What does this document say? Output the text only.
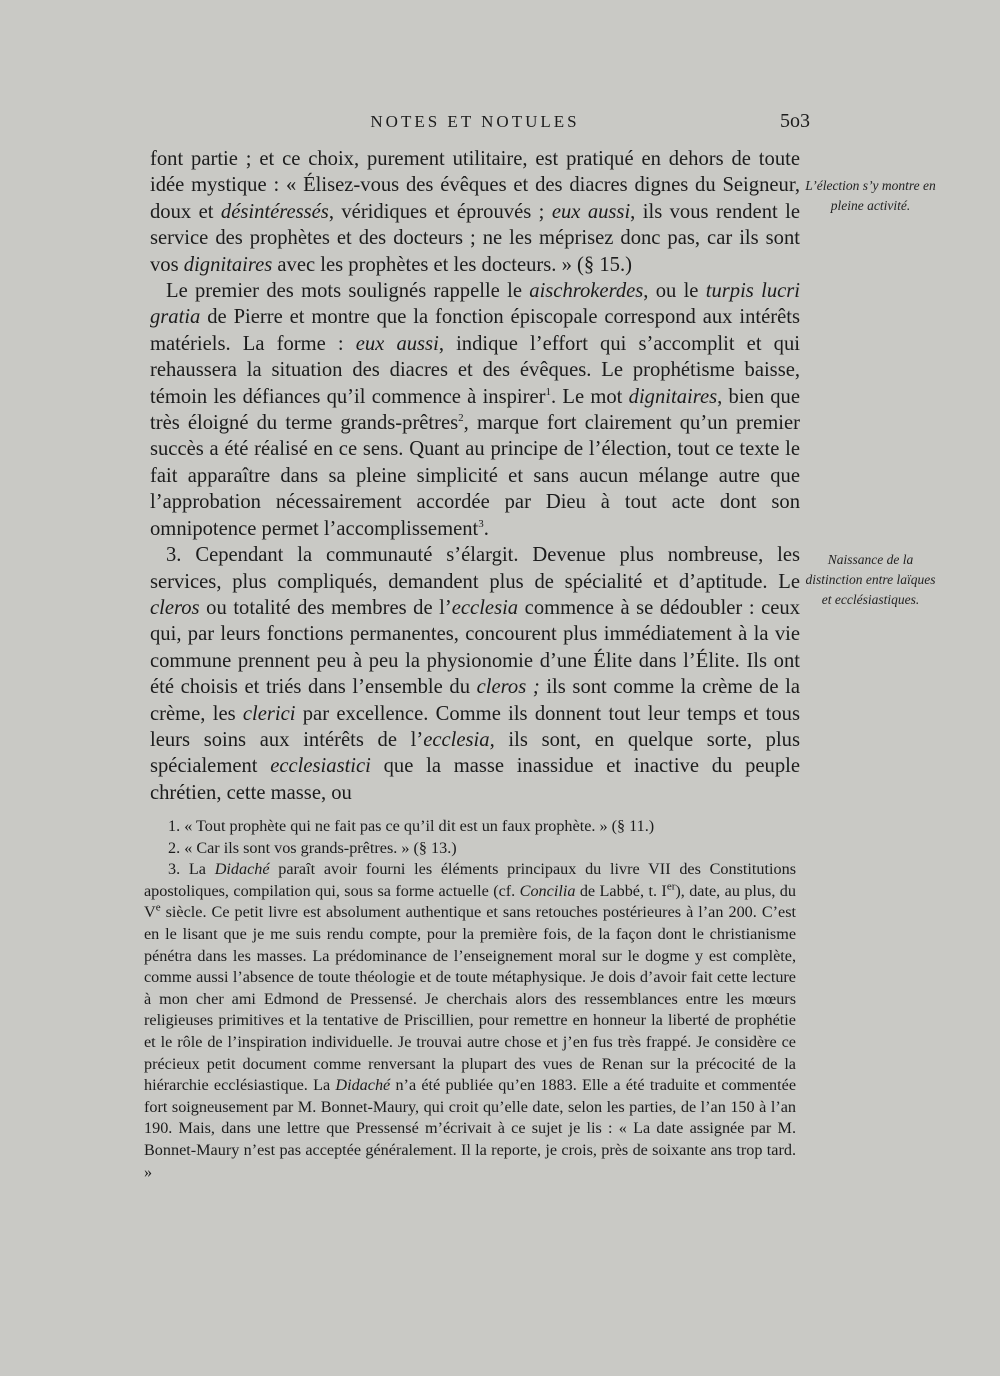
NOTES ET NOTULES	5o3
L’élection s’y montre en pleine activité.
Naissance de la distinction entre laïques et ecclésiastiques.

font partie ; et ce choix, purement utilitaire, est pratiqué en dehors de toute idée mystique : « Élisez-vous des évêques et des diacres dignes du Seigneur, doux et désintéressés, véridiques et éprouvés ; eux aussi, ils vous rendent le service des prophètes et des docteurs ; ne les méprisez donc pas, car ils sont vos dignitaires avec les prophètes et les docteurs. » (§ 15.)

Le premier des mots soulignés rappelle le aischrokerdes, ou le turpis lucri gratia de Pierre et montre que la fonction épiscopale correspond aux intérêts matériels. La forme : eux aussi, indique l’effort qui s’accomplit et qui rehaussera la situation des diacres et des évêques. Le prophétisme baisse, témoin les défiances qu’il commence à inspirer$^1$. Le mot dignitaires, bien que très éloigné du terme grands-prêtres$^2$, marque fort clairement qu’un premier succès a été réalisé en ce sens. Quant au principe de l’élection, tout ce texte le fait apparaître dans sa pleine simplicité et sans aucun mélange autre que l’approbation nécessairement accordée par Dieu à tout acte dont son omnipotence permet l’accomplissement$^3$.

3. Cependant la communauté s’élargit. Devenue plus nombreuse, les services, plus compliqués, demandent plus de spécialité et d’aptitude. Le cleros ou totalité des membres de l’ecclesia commence à se dédoubler : ceux qui, par leurs fonctions permanentes, concourent plus immédiatement à la vie commune prennent peu à peu la physionomie d’une Élite dans l’Élite. Ils ont été choisis et triés dans l’ensemble du cleros ; ils sont comme la crème de la crème, les clerici par excellence. Comme ils donnent tout leur temps et tous leurs soins aux intérêts de l’ecclesia, ils sont, en quelque sorte, plus spécialement ecclesiastici que la masse inassidue et inactive du peuple chrétien, cette masse, ou

1. « Tout prophète qui ne fait pas ce qu’il dit est un faux prophète. » (§ 11.)

2. « Car ils sont vos grands-prêtres. » (§ 13.)

3. La Didaché paraît avoir fourni les éléments principaux du livre VII des Constitutions apostoliques, compilation qui, sous sa forme actuelle (cf. Concilia de Labbé, t. Ier), date, au plus, du Ve siècle. Ce petit livre est absolument authentique et sans retouches postérieures à l’an 200. C’est en le lisant que je me suis rendu compte, pour la première fois, de la façon dont le christianisme pénétra dans les masses. La prédominance de l’enseignement moral sur le dogme y est complète, comme aussi l’absence de toute théologie et de toute métaphysique. Je dois d’avoir fait cette lecture à mon cher ami Edmond de Pressensé. Je cherchais alors des ressemblances entre les mœurs religieuses primitives et la tentative de Priscillien, pour remettre en honneur la liberté de prophétie et le rôle de l’inspiration individuelle. Je trouvai autre chose et j’en fus très frappé. Je considère ce précieux petit document comme renversant la plupart des vues de Renan sur la précocité de la hiérarchie ecclésiastique. La Didaché n’a été publiée qu’en 1883. Elle a été traduite et commentée fort soigneusement par M. Bonnet-Maury, qui croit qu’elle date, selon les parties, de l’an 150 à l’an 190. Mais, dans une lettre que Pressensé m’écrivait à ce sujet je lis : « La date assignée par M. Bonnet-Maury n’est pas acceptée généralement. Il la reporte, je crois, près de soixante ans trop tard. »
